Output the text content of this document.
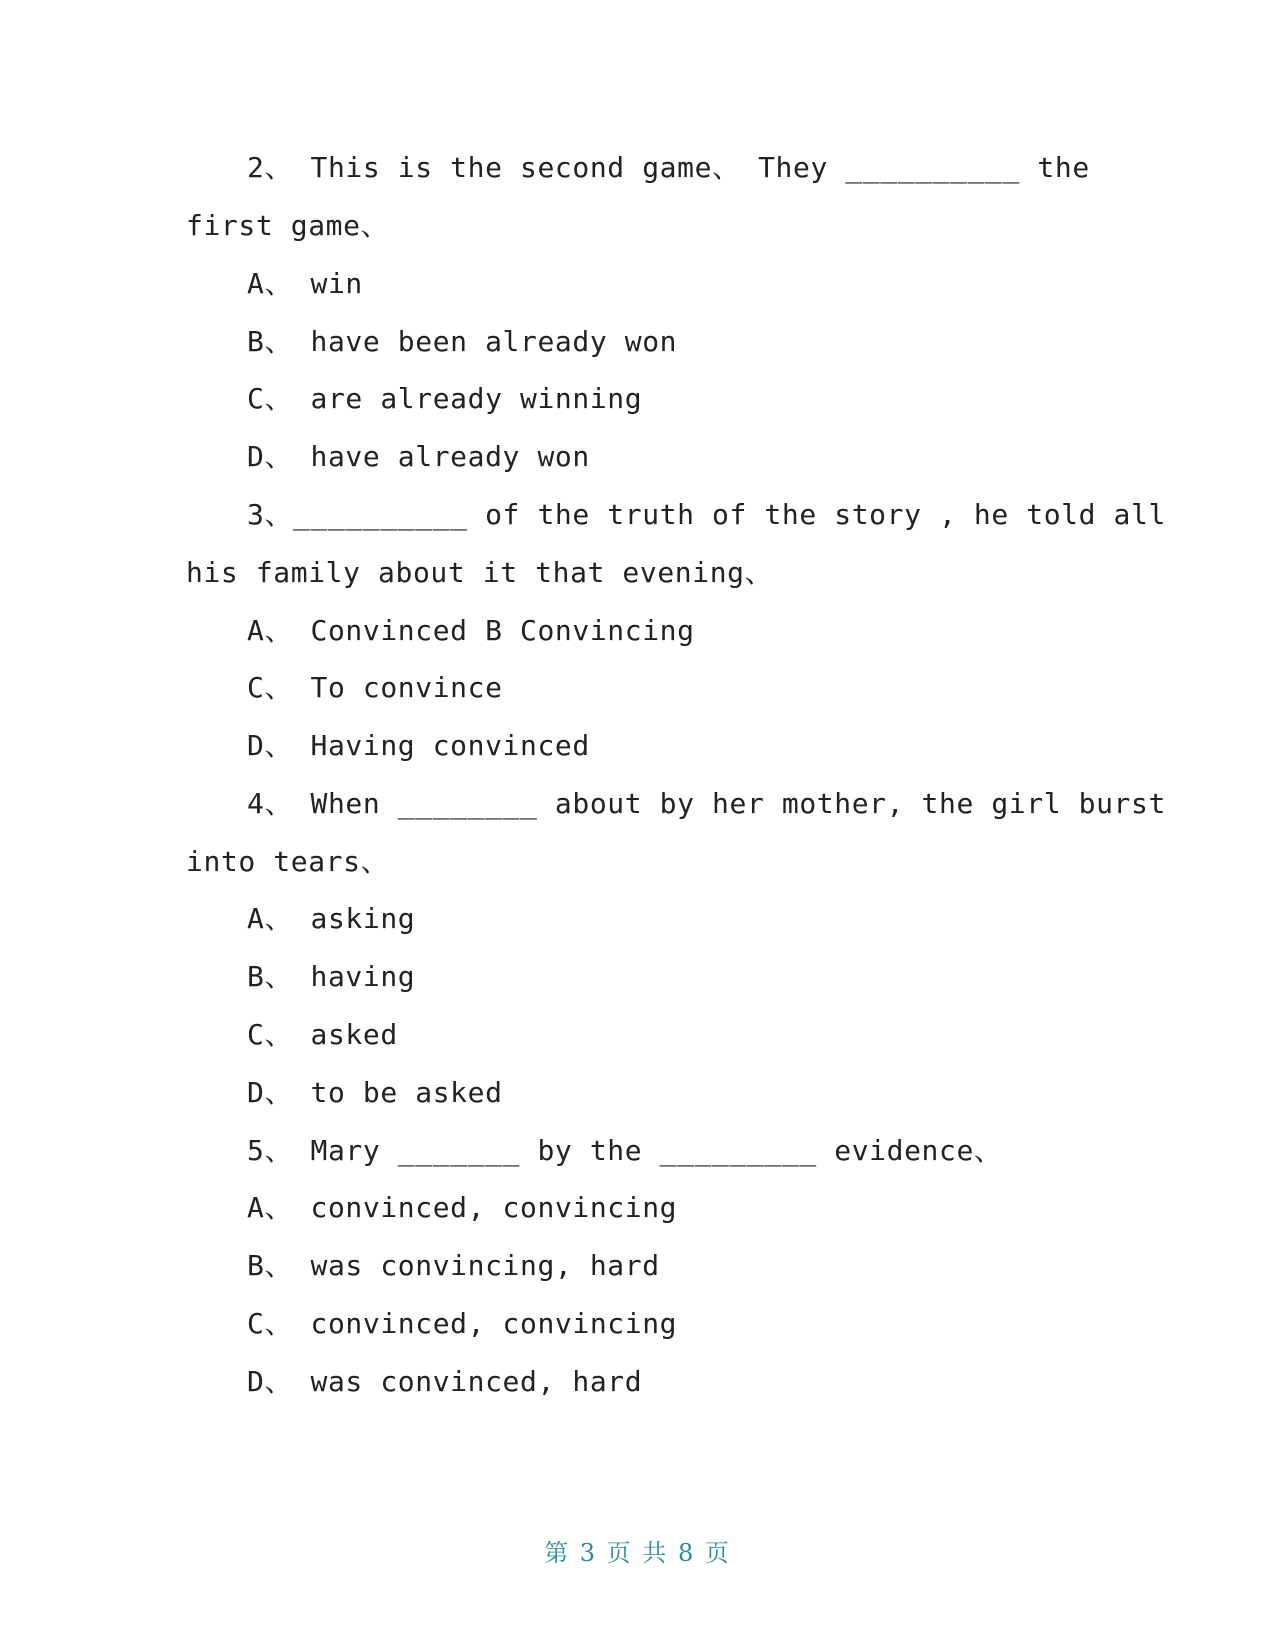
2、 This is the second game、 They __________ the
first game、
A、 win
B、 have been already won
C、 are already winning
D、 have already won
3、__________ of the truth of the story , he told all
his family about it that evening、
A、 Convinced B Convincing
C、 To convince
D、 Having convinced
4、 When ________ about by her mother, the girl burst
into tears、
A、 asking
B、 having
C、 asked
D、 to be asked
5、 Mary _______ by the _________ evidence、
A、 convinced, convincing
B、 was convincing, hard
C、 convinced, convincing
D、 was convinced, hard
第 3 页 共 8 页
